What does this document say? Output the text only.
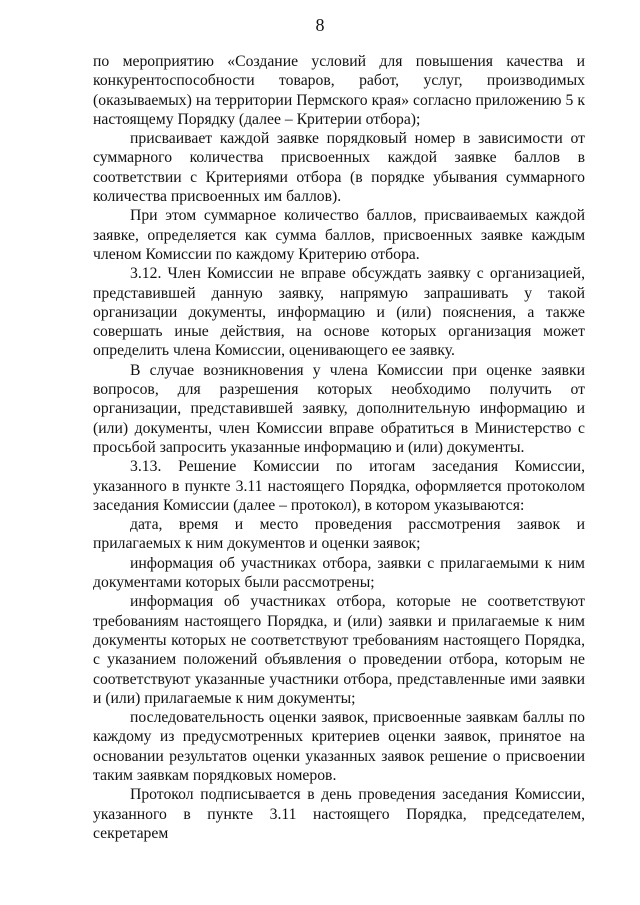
8

по мероприятию «Создание условий для повышения качества и конкурентоспособности товаров, работ, услуг, производимых (оказываемых) на территории Пермского края» согласно приложению 5 к настоящему Порядку (далее – Критерии отбора);

присваивает каждой заявке порядковый номер в зависимости от суммарного количества присвоенных каждой заявке баллов в соответствии с Критериями отбора (в порядке убывания суммарного количества присвоенных им баллов).

При этом суммарное количество баллов, присваиваемых каждой заявке, определяется как сумма баллов, присвоенных заявке каждым членом Комиссии по каждому Критерию отбора.

3.12. Член Комиссии не вправе обсуждать заявку с организацией, представившей данную заявку, напрямую запрашивать у такой организации документы, информацию и (или) пояснения, а также совершать иные действия, на основе которых организация может определить члена Комиссии, оценивающего ее заявку.

В случае возникновения у члена Комиссии при оценке заявки вопросов, для разрешения которых необходимо получить от организации, представившей заявку, дополнительную информацию и (или) документы, член Комиссии вправе обратиться в Министерство с просьбой запросить указанные информацию и (или) документы.

3.13. Решение Комиссии по итогам заседания Комиссии, указанного в пункте 3.11 настоящего Порядка, оформляется протоколом заседания Комиссии (далее – протокол), в котором указываются:

дата, время и место проведения рассмотрения заявок и прилагаемых к ним документов и оценки заявок;

информация об участниках отбора, заявки с прилагаемыми к ним документами которых были рассмотрены;

информация об участниках отбора, которые не соответствуют требованиям настоящего Порядка, и (или) заявки и прилагаемые к ним документы которых не соответствуют требованиям настоящего Порядка, с указанием положений объявления о проведении отбора, которым не соответствуют указанные участники отбора, представленные ими заявки и (или) прилагаемые к ним документы;

последовательность оценки заявок, присвоенные заявкам баллы по каждому из предусмотренных критериев оценки заявок, принятое на основании результатов оценки указанных заявок решение о присвоении таким заявкам порядковых номеров.

Протокол подписывается в день проведения заседания Комиссии, указанного в пункте 3.11 настоящего Порядка, председателем, секретарем
